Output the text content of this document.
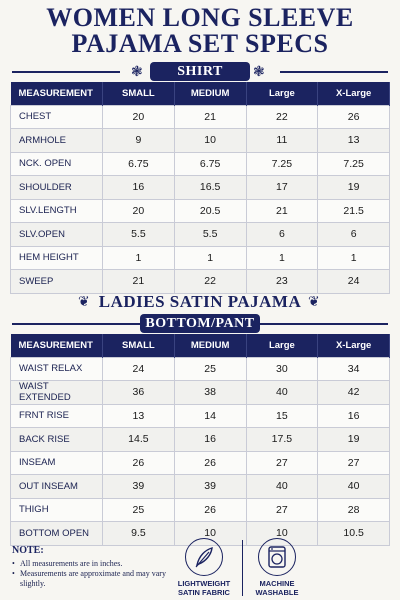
WOMEN LONG SLEEVE
PAJAMA SET SPECS
❃	SHIRT	❃
MEASUREMENT	SMALL	MEDIUM	Large	X-Large
CHEST	20	21	22	26
ARMHOLE	9	10	11	13
NCK. OPEN	6.75	6.75	7.25	7.25
SHOULDER	16	16.5	17	19
SLV.LENGTH	20	20.5	21	21.5
SLV.OPEN	5.5	5.5	6	6
HEM HEIGHT	1	1	1	1
SWEEP	21	22	23	24
❦ LADIES SATIN PAJAMA ❦
BOTTOM/PANT
MEASUREMENT	SMALL	MEDIUM	Large	X-Large
WAIST RELAX	24	25	30	34
WAIST EXTENDED	36	38	40	42
FRNT RISE	13	14	15	16
BACK RISE	14.5	16	17.5	19
INSEAM	26	26	27	27
OUT INSEAM	39	39	40	40
THIGH	25	26	27	28
BOTTOM OPEN	9.5	10	10	10.5
NOTE:
• All measurements are in inches.
• Measurements are approximate and may vary slightly.	LIGHTWEIGHT
SATIN FABRIC
MACHINE
WASHABLE
